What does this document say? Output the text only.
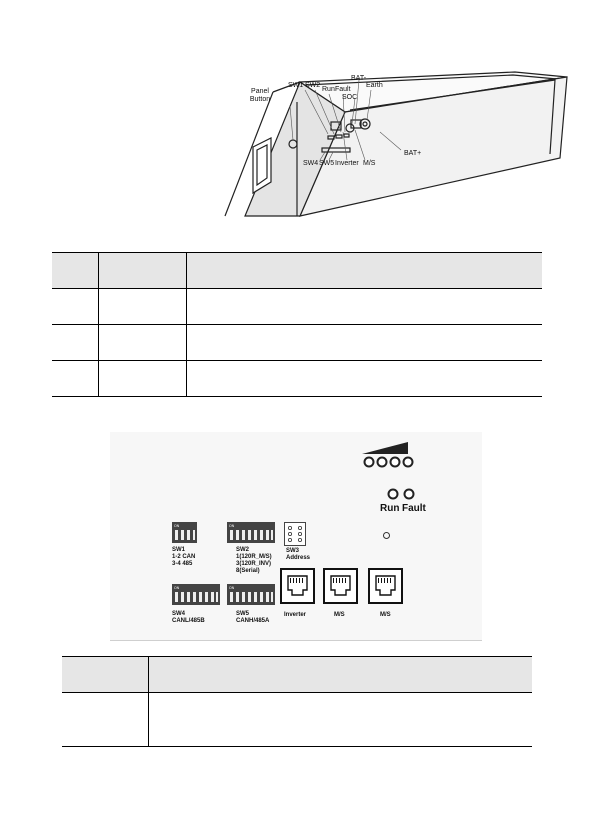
Panel
Button
SW1 SW2
Run Fault
BAT-
Earth
SOC
SW4 SW5 Inverter M/S
BAT+

Run Fault
ON
SW1
1-2 CAN
3-4 485
ON
SW2
1(120R_M/S)
3(120R_INV)
8(Serial)
SW3
Address
ON
SW4
CANL/485B
ON
SW5
CANH/485A
Inverter	M/S	M/S
